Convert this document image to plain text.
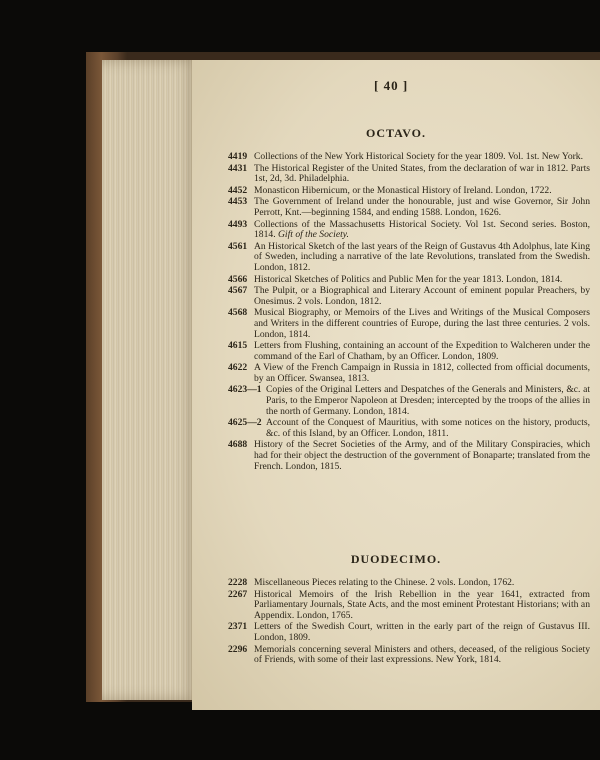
[ 40 ]
OCTAVO.
4419 Collections of the New York Historical Society for the year 1809. Vol. 1st. New York.
4431 The Historical Register of the United States, from the declaration of war in 1812. Parts 1st, 2d, 3d. Philadelphia.
4452 Monasticon Hibernicum, or the Monastical History of Ireland. London, 1722.
4453 The Government of Ireland under the honourable, just and wise Governor, Sir John Perrott, Knt.—beginning 1584, and ending 1588. London, 1626.
4493 Collections of the Massachusetts Historical Society. Vol 1st. Second series. Boston, 1814. Gift of the Society.
4561 An Historical Sketch of the last years of the Reign of Gustavus 4th Adolphus, late King of Sweden, including a narrative of the late Revolutions, translated from the Swedish. London, 1812.
4566 Historical Sketches of Politics and Public Men for the year 1813. London, 1814.
4567 The Pulpit, or a Biographical and Literary Account of eminent popular Preachers, by Onesimus. 2 vols. London, 1812.
4568 Musical Biography, or Memoirs of the Lives and Writings of the Musical Composers and Writers in the different countries of Europe, during the last three centuries. 2 vols. London, 1814.
4615 Letters from Flushing, containing an account of the Expedition to Walcheren under the command of the Earl of Chatham, by an Officer. London, 1809.
4622 A View of the French Campaign in Russia in 1812, collected from official documents, by an Officer. Swansea, 1813.
4623—1 Copies of the Original Letters and Despatches of the Generals and Ministers, &c. at Paris, to the Emperor Napoleon at Dresden; intercepted by the troops of the allies in the north of Germany. London, 1814.
4625—2 Account of the Conquest of Mauritius, with some notices on the history, products, &c. of this Island, by an Officer. London, 1811.
4688 History of the Secret Societies of the Army, and of the Military Conspiracies, which had for their object the destruction of the government of Bonaparte; translated from the French. London, 1815.
DUODECIMO.
2228 Miscellaneous Pieces relating to the Chinese. 2 vols. London, 1762.
2267 Historical Memoirs of the Irish Rebellion in the year 1641, extracted from Parliamentary Journals, State Acts, and the most eminent Protestant Historians; with an Appendix. London, 1765.
2371 Letters of the Swedish Court, written in the early part of the reign of Gustavus III. London, 1809.
2296 Memorials concerning several Ministers and others, deceased, of the religious Society of Friends, with some of their last expressions. New York, 1814.
